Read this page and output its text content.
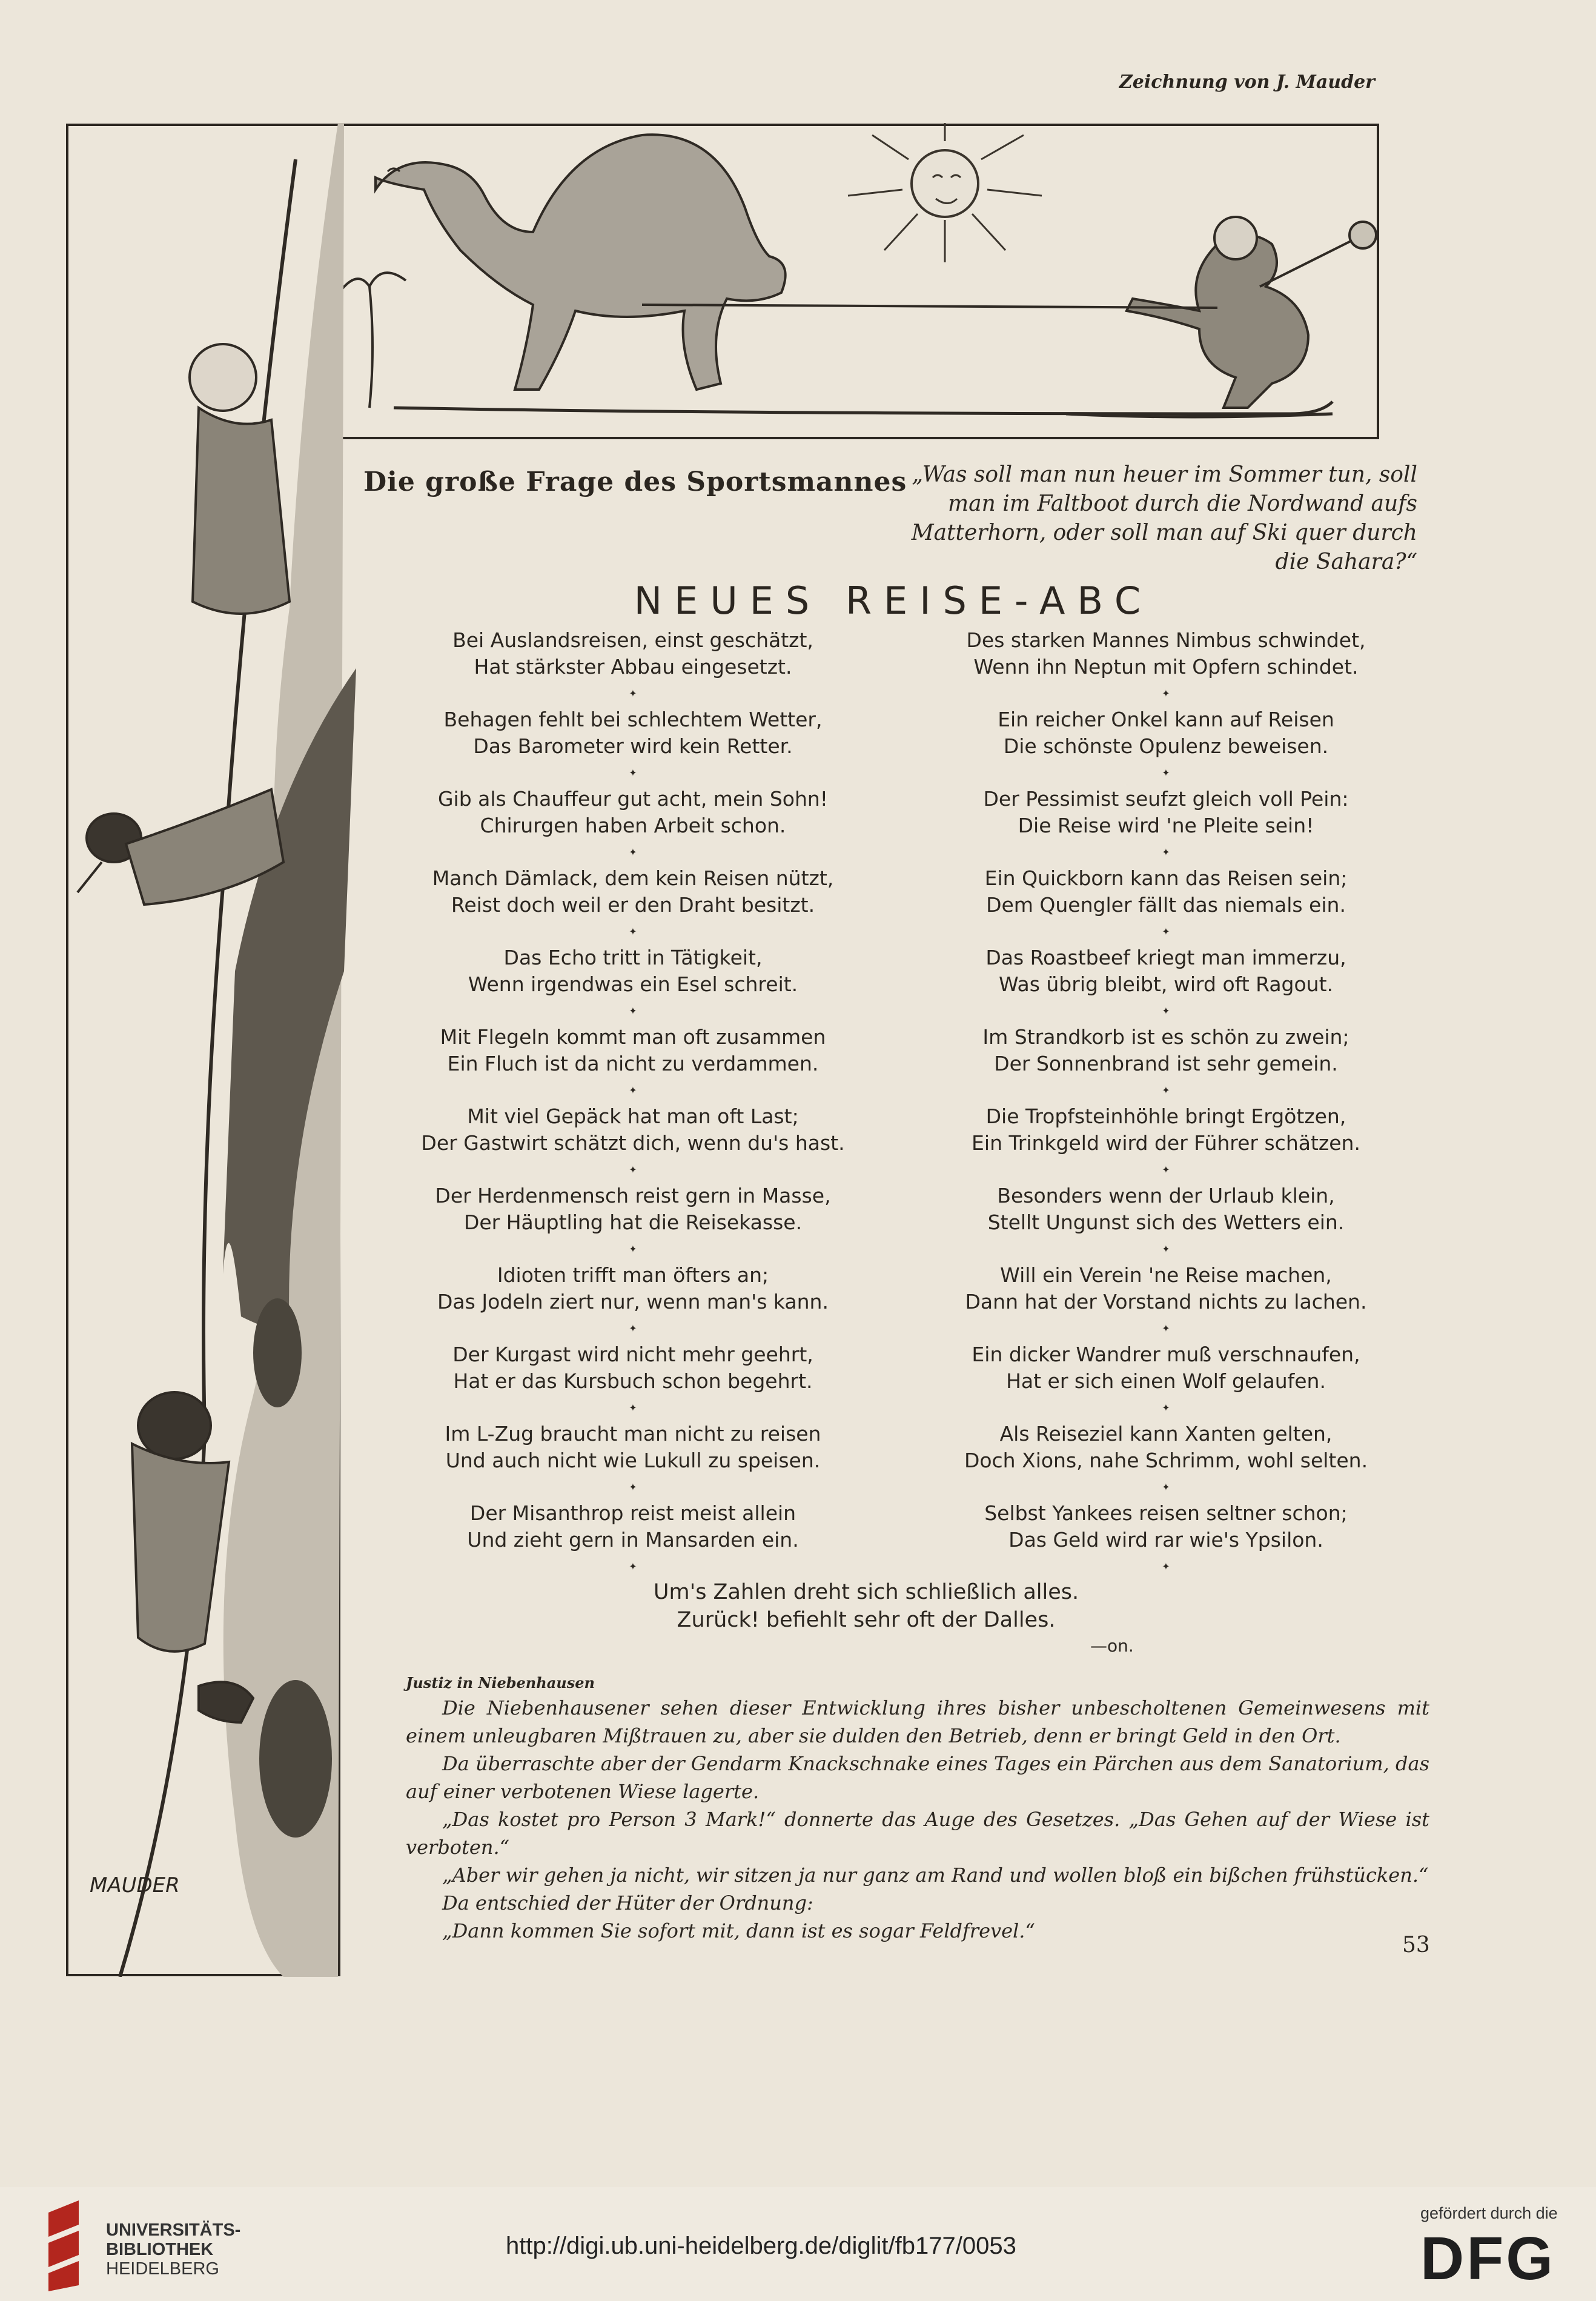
Zeichnung von J. Mauder
MAUDER
Die große Frage des Sportsmannes „Was soll man nun heuer im Sommer tun, soll man im Faltboot durch die Nordwand aufs Matterhorn, oder soll man auf Ski quer durch die Sahara?“
NEUES REISE-ABC
Bei Auslandsreisen, einst geschätzt,
Hat stärkster Abbau eingesetzt.
✦
Behagen fehlt bei schlechtem Wetter,
Das Barometer wird kein Retter.
✦
Gib als Chauffeur gut acht, mein Sohn!
Chirurgen haben Arbeit schon.
✦
Manch Dämlack, dem kein Reisen nützt,
Reist doch weil er den Draht besitzt.
✦
Das Echo tritt in Tätigkeit,
Wenn irgendwas ein Esel schreit.
✦
Mit Flegeln kommt man oft zusammen
Ein Fluch ist da nicht zu verdammen.
✦
Mit viel Gepäck hat man oft Last;
Der Gastwirt schätzt dich, wenn du's hast.
✦
Der Herdenmensch reist gern in Masse,
Der Häuptling hat die Reisekasse.
✦
Idioten trifft man öfters an;
Das Jodeln ziert nur, wenn man's kann.
✦
Der Kurgast wird nicht mehr geehrt,
Hat er das Kursbuch schon begehrt.
✦
Im L-Zug braucht man nicht zu reisen
Und auch nicht wie Lukull zu speisen.
✦
Der Misanthrop reist meist allein
Und zieht gern in Mansarden ein.
✦
Des starken Mannes Nimbus schwindet,
Wenn ihn Neptun mit Opfern schindet.
✦
Ein reicher Onkel kann auf Reisen
Die schönste Opulenz beweisen.
✦
Der Pessimist seufzt gleich voll Pein:
Die Reise wird 'ne Pleite sein!
✦
Ein Quickborn kann das Reisen sein;
Dem Quengler fällt das niemals ein.
✦
Das Roastbeef kriegt man immerzu,
Was übrig bleibt, wird oft Ragout.
✦
Im Strandkorb ist es schön zu zwein;
Der Sonnenbrand ist sehr gemein.
✦
Die Tropfsteinhöhle bringt Ergötzen,
Ein Trinkgeld wird der Führer schätzen.
✦
Besonders wenn der Urlaub klein,
Stellt Ungunst sich des Wetters ein.
✦
Will ein Verein 'ne Reise machen,
Dann hat der Vorstand nichts zu lachen.
✦
Ein dicker Wandrer muß verschnaufen,
Hat er sich einen Wolf gelaufen.
✦
Als Reiseziel kann Xanten gelten,
Doch Xions, nahe Schrimm, wohl selten.
✦
Selbst Yankees reisen seltner schon;
Das Geld wird rar wie's Ypsilon.
✦
Um's Zahlen dreht sich schließlich alles.
Zurück! befiehlt sehr oft der Dalles.
—on.
Justiz in Niebenhausen

Die Niebenhausener sehen dieser Entwicklung ihres bisher unbescholtenen Gemeinwesens mit einem unleugbaren Mißtrauen zu, aber sie dulden den Betrieb, denn er bringt Geld in den Ort.

Da überraschte aber der Gendarm Knackschnake eines Tages ein Pärchen aus dem Sanatorium, das auf einer verbotenen Wiese lagerte.

„Das kostet pro Person 3 Mark!“ donnerte das Auge des Gesetzes. „Das Gehen auf der Wiese ist verboten.“

„Aber wir gehen ja nicht, wir sitzen ja nur ganz am Rand und wollen bloß ein bißchen frühstücken.“

Da entschied der Hüter der Ordnung:

„Dann kommen Sie sofort mit, dann ist es sogar Feldfrevel.“

53
UNIVERSITÄTS-
BIBLIOTHEK
HEIDELBERG
http://digi.ub.uni-heidelberg.de/diglit/fb177/0053
gefördert durch die
DFG
